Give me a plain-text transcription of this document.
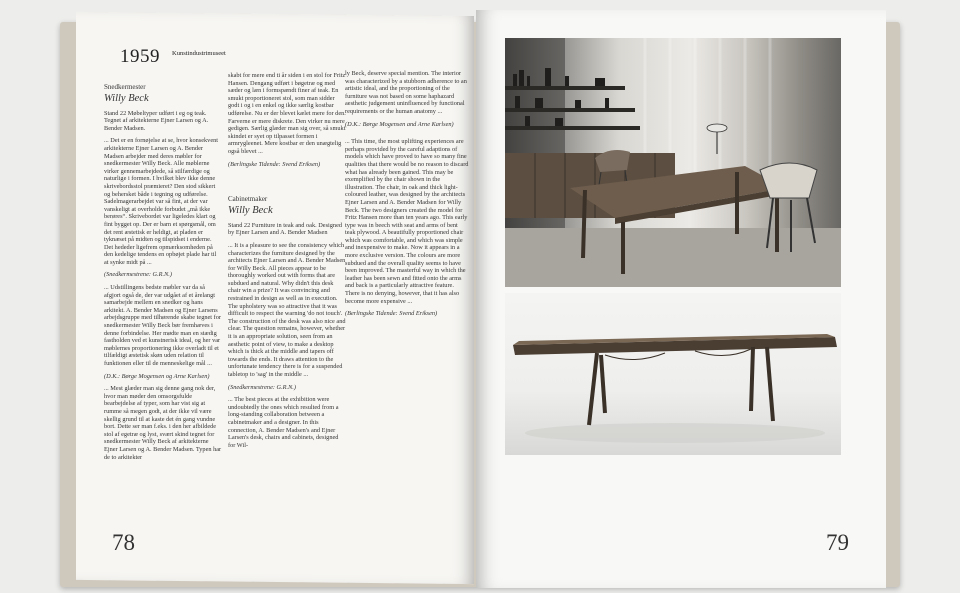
1959 Kunstindustrimuseet

Snedkermester

Willy Beck

Stand 22 Møbeltyper udført i eg og teak. Tegnet af arkitekterne Ejner Larsen og A. Bender Madsen.

... Det er en fornøjelse at se, hvor konsekvent arkitekterne Ejner Larsen og A. Bender Madsen arbejder med deres møbler for snedkermester Willy Beck. Alle møblerne virker gennemarbejdede, så stilfærdige og naturlige i formen. I hvilket blev ikke denne skrivebordsstol præmieret? Den stod sikkert og behersket både i tegning og udførelse. Sadelmagerarbejdet var så fint, at der var vanskeligt at overholde forbudet „må ikke berøres“. Skrivebordet var ligeledes klart og fint bygget op. Der er barn et spørgsmål, om det rent æstetisk er heldigt, at pladen er tyknæset på midten og tilspidset i enderne. Det hededer ligefrem opmærksomheden på den kedelige tendens en opbøjet plade har til at synke midt på ...

(Snedkermestrene: G.R.N.)

... Udstillingens bedste møbler var da så afgjort også de, der var udgået af et årelangt samarbejde mellem en snedker og hans arkitekt. A. Bender Madsen og Ejner Larsens arbejdsgruppe med tilhørende skabe tegnet for snedkermester Willy Beck bør fremhæves i denne forbindelse. Her mødte man en stædig fastholden ved et kunstnerisk ideal, og her var møblernes proportionering ikke overladt til et tilfældigt æstetisk skøn uden relation til funktionen eller til de menneskelige mål ...

(D.K.: Børge Mogensen og Arne Karlsen)

... Mest glæder man sig denne gang nok der, hvor man møder den omsorgsfulde bearbejdelse af typer, som har vist sig at rumme så megen godt, at der ikke vil være skellig grund til at kaste det én gang vundne bort. Dette ser man f.eks. i den her afbildede stol af egetræ og lyst, svært skind tegnet for snedkermester Willy Beck af arkitekterne Ejner Larsen og A. Bender Madsen. Typen har de to arkitekter

skabt for mere end ti år siden i en stol for Fritz Hansen. Dengang udført i bøgetræ og med sæder og læn i formspændt finer af teak. En smukt proportioneret stol, som man sidder godt i og i en enkel og ikke særlig kostbar udførelse. Nu er der blevet kælet mere for den. Farverne er mere diskrete. Den virker nu mere gedigen. Særlig glæder man sig over, så smukt skindet er syet op tilpasset formen i armrygleenet. Mere kostbar er den unægtelig også blevet ...

(Berlingske Tidende: Svend Eriksen)

Cabinetmaker

Willy Beck

Stand 22 Furniture in teak and oak. Designed by Ejner Larsen and A. Bender Madsen

... It is a pleasure to see the consistency which characterizes the furniture designed by the architects Ejner Larsen and A. Bender Madsen for Willy Beck. All pieces appear to be thoroughly worked out with forms that are subdued and natural. Why didn't this desk chair win a prize? It was convincing and restrained in design as well as in execution. The upholstery was so attractive that it was difficult to respect the warning 'do not touch'. The construction of the desk was also nice and clear. The question remains, however, whether it is an appropriate solution, seen from an aesthetic point of view, to make a desktop which is thick at the middle and tapers off towards the ends. It draws attention to the unfortunate tendency there is for a suspended tabletop to 'sag' in the middle ...

(Snedkermestrene: G.R.N.)

... The best pieces at the exhibition were undoubtedly the ones which resulted from a long-standing collaboration between a cabinetmaker and a designer. In this connection, A. Bender Madsen's and Ejner Larsen's desk, chairs and cabinets, designed for Wil-

78

ly Beck, deserve special mention. The interior was characterized by a stubborn adherence to an artistic ideal, and the proportioning of the furniture was not based on some haphazard aesthetic judgement uninfluenced by functional requirements or the human anatomy ...

(D.K.: Børge Mogensen and Arne Karlsen)

... This time, the most uplifting experiences are perhaps provided by the careful adaptions of models which have proved to have so many fine qualities that there would be no reason to discard what has already been gained. This may be exemplified by the chair shown in the illustration. The chair, in oak and thick light-coloured leather, was designed by the architects Ejner Larsen and A. Bender Madsen for Willy Beck. The two designers created the model for Fritz Hansen more than ten years ago. This early type was in beech with seat and arms of bent teak plywood. A beautifully proportioned chair which was comfortable, and which was simple and inexpensive to make. Now it appears in a more exclusive version. The colours are more subdued and the overall quality seems to have been improved. The masterful way in which the leather has been sewn and fitted onto the arms and back is a particularly attractive feature. There is no denying, however, that it has also become more expensive ...

(Berlingske Tidende: Svend Eriksen)

79
